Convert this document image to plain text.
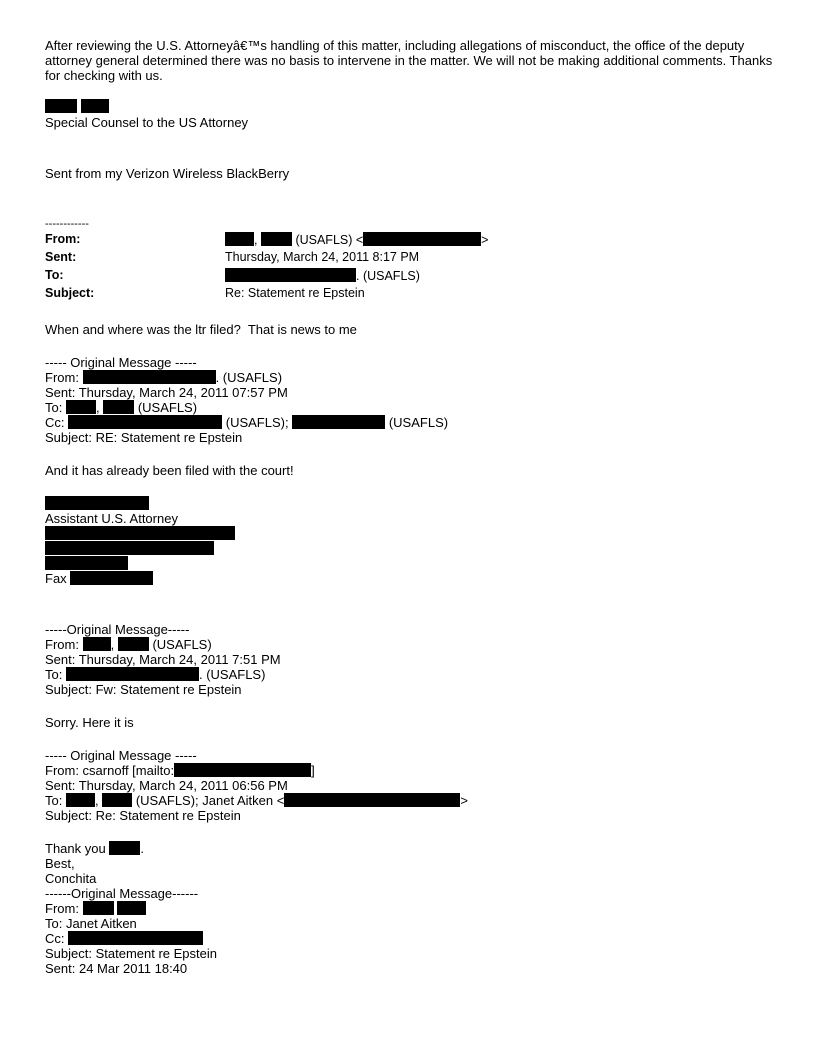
After reviewing the U.S. Attorneyâ€™s handling of this matter, including allegations of misconduct, the office of the deputy attorney general determined there was no basis to intervene in the matter. We will not be making additional comments. Thanks for checking with us.
Special Counsel to the US Attorney
Sent from my Verizon Wireless BlackBerry
------------
From:	,	(USAFLS) <	>
Sent:	Thursday, March 24, 2011 8:17 PM
To:	. (USAFLS)
Subject:	Re: Statement re Epstein
When and where was the ltr filed?  That is news to me
----- Original Message -----
From:	. (USAFLS)
Sent: Thursday, March 24, 2011 07:57 PM
To:	,	(USAFLS)
Cc:	(USAFLS);	(USAFLS)
Subject: RE: Statement re Epstein
And it has already been filed with the court!
Assistant U.S. Attorney
Fax
-----Original Message-----
From: ,	(USAFLS)
Sent: Thursday, March 24, 2011 7:51 PM
To:	. (USAFLS)
Subject: Fw: Statement re Epstein
Sorry. Here it is
----- Original Message -----
From: csarnoff [mailto:	]
Sent: Thursday, March 24, 2011 06:56 PM
To:	,	(USAFLS); Janet Aitken <	>
Subject: Re: Statement re Epstein
Thank you	.
Best,
Conchita
------Original Message------
From:
To: Janet Aitken
Cc:
Subject: Statement re Epstein
Sent: 24 Mar 2011 18:40
